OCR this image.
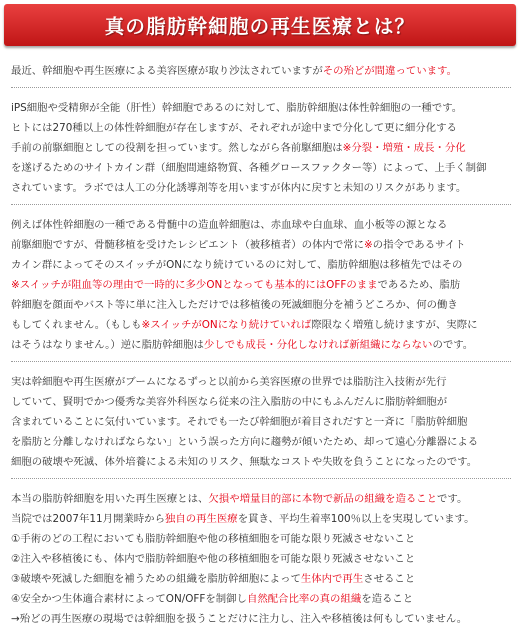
真の脂肪幹細胞の再生医療とは？

最近、幹細胞や再生医療による美容医療が取り沙汰されていますがその殆どが間違っています。

iPS細胞や受精卵が全能（肝性）幹細胞であるのに対して、脂肪幹細胞は体性幹細胞の一種です。
ヒトには270種以上の体性幹細胞が存在しますが、それぞれが途中まで分化して更に細分化する
手前の前駆細胞としての役割を担っています。然しながら各前駆細胞は※分裂・増殖・成長・分化
を遂げるためのサイトカイン群（細胞間連絡物質、各種グロースファクター等）によって、上手く制御
されています。ラボでは人工の分化誘導剤等を用いますが体内に戻すと未知のリスクがあります。

例えば体性幹細胞の一種である骨髄中の造血幹細胞は、赤血球や白血球、血小板等の源となる
前駆細胞ですが、骨髄移植を受けたレシピエント（被移植者）の体内で常に※の指令であるサイト
カイン群によってそのスイッチがONになり続けているのに対して、脂肪幹細胞は移植先ではその
※スイッチが阻血等の理由で一時的に多少ONとなっても基本的にはOFFのままであるため、脂肪
幹細胞を顔面やバスト等に単に注入しただけでは移植後の死滅細胞分を補うどころか、何の働き
もしてくれません。（もしも※スイッチがONになり続けていれば際限なく増殖し続けますが、実際に
はそうはなりません。）逆に脂肪幹細胞は少しでも成長・分化しなければ新組織にならないのです。

実は幹細胞や再生医療がブームになるずっと以前から美容医療の世界では脂肪注入技術が先行
していて、賢明でかつ優秀な美容外科医なら従来の注入脂肪の中にもふんだんに脂肪幹細胞が
含まれていることに気付いています。それでも一たび幹細胞が着目されだすと一斉に「脂肪幹細胞
を脂肪と分離しなければならない」という誤った方向に趨勢が傾いたため、却って遠心分離器による
細胞の破壊や死滅、体外培養による未知のリスク、無駄なコストや失敗を負うことになったのです。

本当の脂肪幹細胞を用いた再生医療とは、欠損や増量目的部に本物で新品の組織を造ることです。
当院では2007年11月開業時から独自の再生医療を貫き、平均生着率100％以上を実現しています。
①手術のどの工程においても脂肪幹細胞や他の移植細胞を可能な限り死滅させないこと
②注入や移植後にも、体内で脂肪幹細胞や他の移植細胞を可能な限り死滅させないこと
③破壊や死滅した細胞を補うための組織を脂肪幹細胞によって生体内で再生させること
④安全かつ生体適合素材によってON/OFFを制御し自然配合比率の真の組織を造ること
→殆どの再生医療の現場では幹細胞を扱うことだけに注力し、注入や移植後は何もしていません。
